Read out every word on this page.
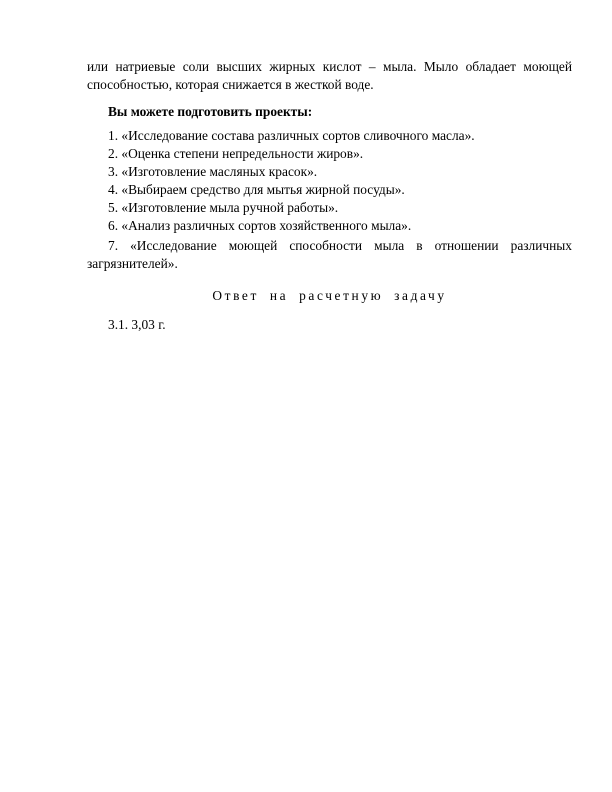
или натриевые соли высших жирных кислот – мыла. Мыло обладает моющей
способностью, которая снижается в жесткой воде.

Вы можете подготовить проекты:

1. «Исследование состава различных сортов сливочного масла».

2. «Оценка степени непредельности жиров».

3. «Изготовление масляных красок».

4. «Выбираем средство для мытья жирной посуды».

5. «Изготовление мыла ручной работы».

6. «Анализ различных сортов хозяйственного мыла».

7. «Исследование моющей способности мыла в отношении различных
загрязнителей».

Ответ на расчетную задачу

3.1. 3,03 г.
